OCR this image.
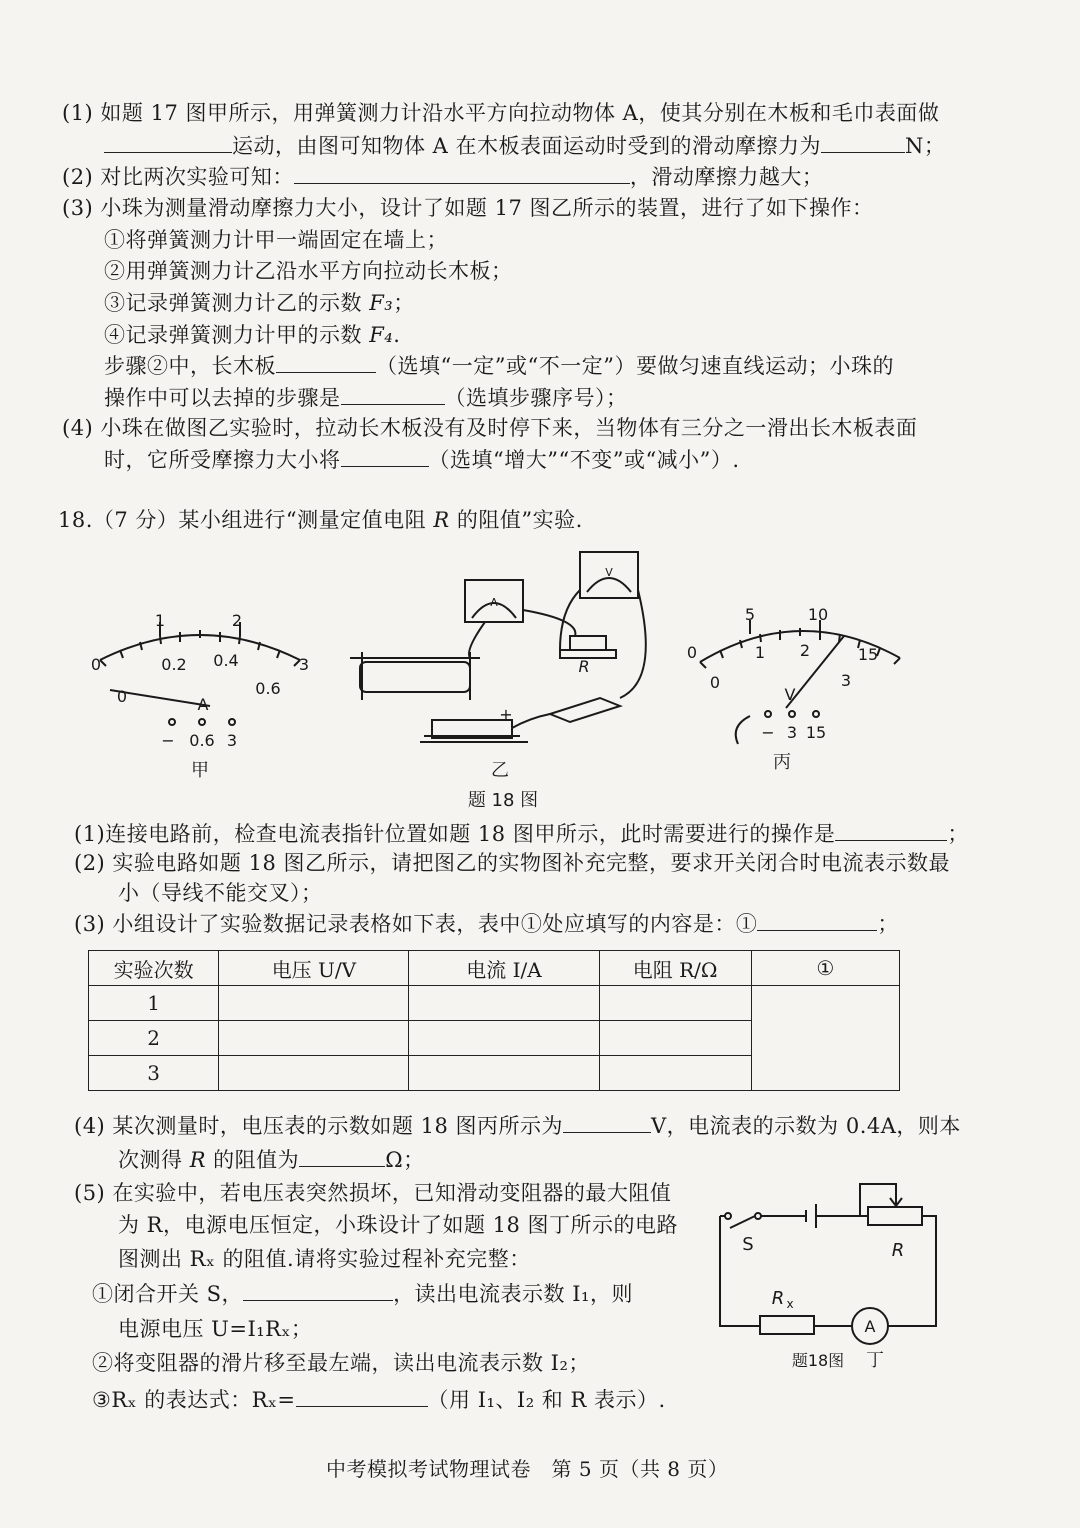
(1) 如题 17 图甲所示，用弹簧测力计沿水平方向拉动物体 A，使其分别在木板和毛巾表面做
运动，由图可知物体 A 在木板表面运动时受到的滑动摩擦力为	N；
(2) 对比两次实验可知：	，滑动摩擦力越大；
(3) 小珠为测量滑动摩擦力大小，设计了如题 17 图乙所示的装置，进行了如下操作：
①将弹簧测力计甲一端固定在墙上；
②用弹簧测力计乙沿水平方向拉动长木板；
③记录弹簧测力计乙的示数 F₃；
④记录弹簧测力计甲的示数 F₄.
步骤②中，长木板	（选填“一定”或“不一定”）要做匀速直线运动；小珠的
操作中可以去掉的步骤是	（选填步骤序号）；
(4) 小珠在做图乙实验时，拉动长木板没有及时停下来，当物体有三分之一滑出长木板表面
时，它所受摩擦力大小将	（选填“增大”“不变”或“减小”）.
18.（7 分）某小组进行“测量定值电阻 R 的阻值”实验.
1	2
0	0.2 0.4
0.6
3
0	A
− 0.6 3
甲
A
V
R
+
乙
5	10
15
0
1 2
3
0
V
− 3 15
丙
题 18 图
(1)连接电路前，检查电流表指针位置如题 18 图甲所示，此时需要进行的操作是	；
(2) 实验电路如题 18 图乙所示，请把图乙的实物图补充完整，要求开关闭合时电流表示数最
小（导线不能交叉）；
(3) 小组设计了实验数据记录表格如下表，表中①处应填写的内容是：①	；
实验次数	电压 U/V	电流 I/A	电阻 R/Ω	①
1				
2				
3				
(4) 某次测量时，电压表的示数如题 18 图丙所示为	V，电流表的示数为 0.4A，则本
次测得 R 的阻值为	Ω；
(5) 在实验中，若电压表突然损坏，已知滑动变阻器的最大阻值
为 R，电源电压恒定，小珠设计了如题 18 图丁所示的电路
图测出 Rₓ 的阻值.请将实验过程补充完整：
①闭合开关 S，	，读出电流表示数 I₁，则
电源电压 U=I₁Rₓ；
②将变阻器的滑片移至最左端，读出电流表示数 I₂；
③Rₓ 的表达式：Rₓ=	（用 I₁、I₂ 和 R 表示）.
S	R
R x
A
题18图 丁
中考模拟考试物理试卷　第 5 页（共 8 页）
